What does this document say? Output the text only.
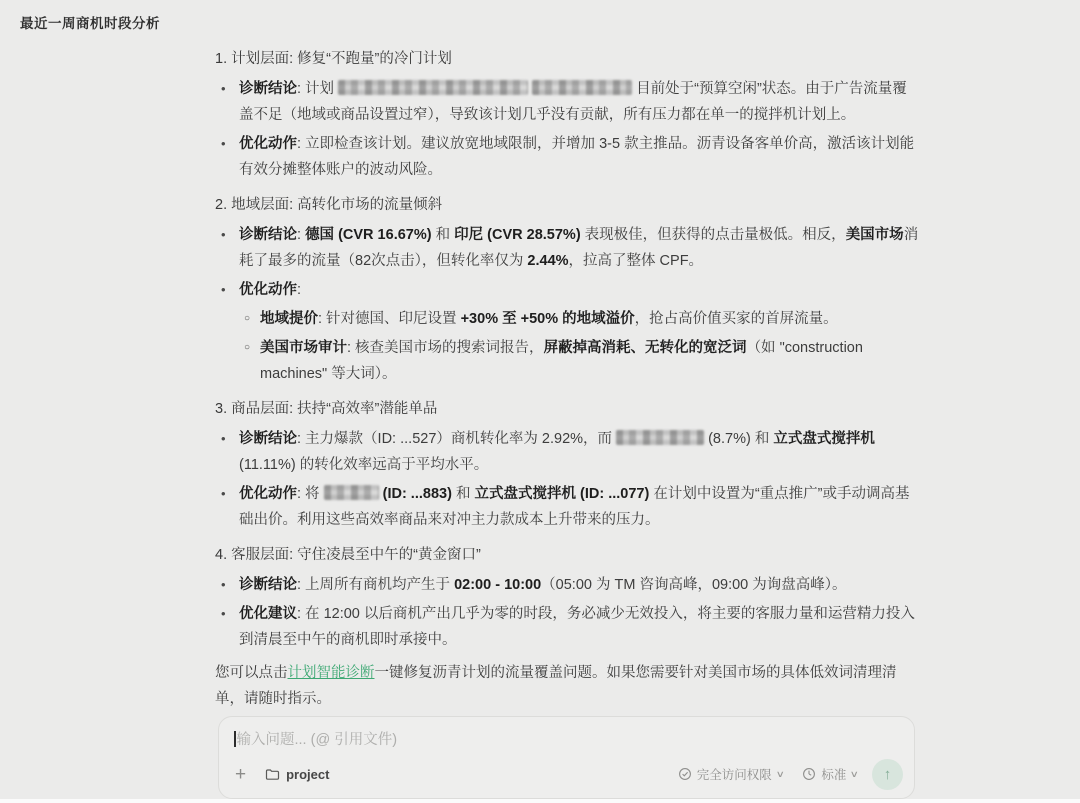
最近一周商机时段分析
1. 计划层面: 修复“不跑量”的冷门计划
• 诊断结论: 计划	目前处于“预算空闲”状态。由于广告流量覆盖不足（地域或商品设置过窄），导致该计划几乎没有贡献，所有压力都在单一的搅拌机计划上。
• 优化动作: 立即检查该计划。建议放宽地域限制，并增加 3-5 款主推品。沥青设备客单价高，激活该计划能有效分摊整体账户的波动风险。
2. 地域层面: 高转化市场的流量倾斜
• 诊断结论: 德国 (CVR 16.67%) 和 印尼 (CVR 28.57%) 表现极佳，但获得的点击量极低。相反，美国市场消耗了最多的流量（82次点击），但转化率仅为 2.44%，拉高了整体 CPF。
• 优化动作:
○ 地域提价: 针对德国、印尼设置 +30% 至 +50% 的地域溢价，抢占高价值买家的首屏流量。
○ 美国市场审计: 核查美国市场的搜索词报告，屏蔽掉高消耗、无转化的宽泛词（如 "construction machines" 等大词）。
3. 商品层面: 扶持“高效率”潜能单品
• 诊断结论: 主力爆款（ID: ...527）商机转化率为 2.92%，而	(8.7%) 和 立式盘式搅拌机 (11.11%) 的转化效率远高于平均水平。
• 优化动作: 将	(ID: ...883) 和 立式盘式搅拌机 (ID: ...077) 在计划中设置为“重点推广”或手动调高基础出价。利用这些高效率商品来对冲主力款成本上升带来的压力。
4. 客服层面: 守住凌晨至中午的“黄金窗口”
• 诊断结论: 上周所有商机均产生于 02:00 - 10:00（05:00 为 TM 咨询高峰，09:00 为询盘高峰）。
• 优化建议: 在 12:00 以后商机产出几乎为零的时段，务必减少无效投入，将主要的客服力量和运营精力投入到清晨至中午的商机即时承接中。
您可以点击计划智能诊断一键修复沥青计划的流量覆盖问题。如果您需要针对美国市场的具体低效词清理清单，请随时指示。
输入问题... (@ 引用文件)
+	project	完全访问权限 ∨	标准 ∨ ↑
